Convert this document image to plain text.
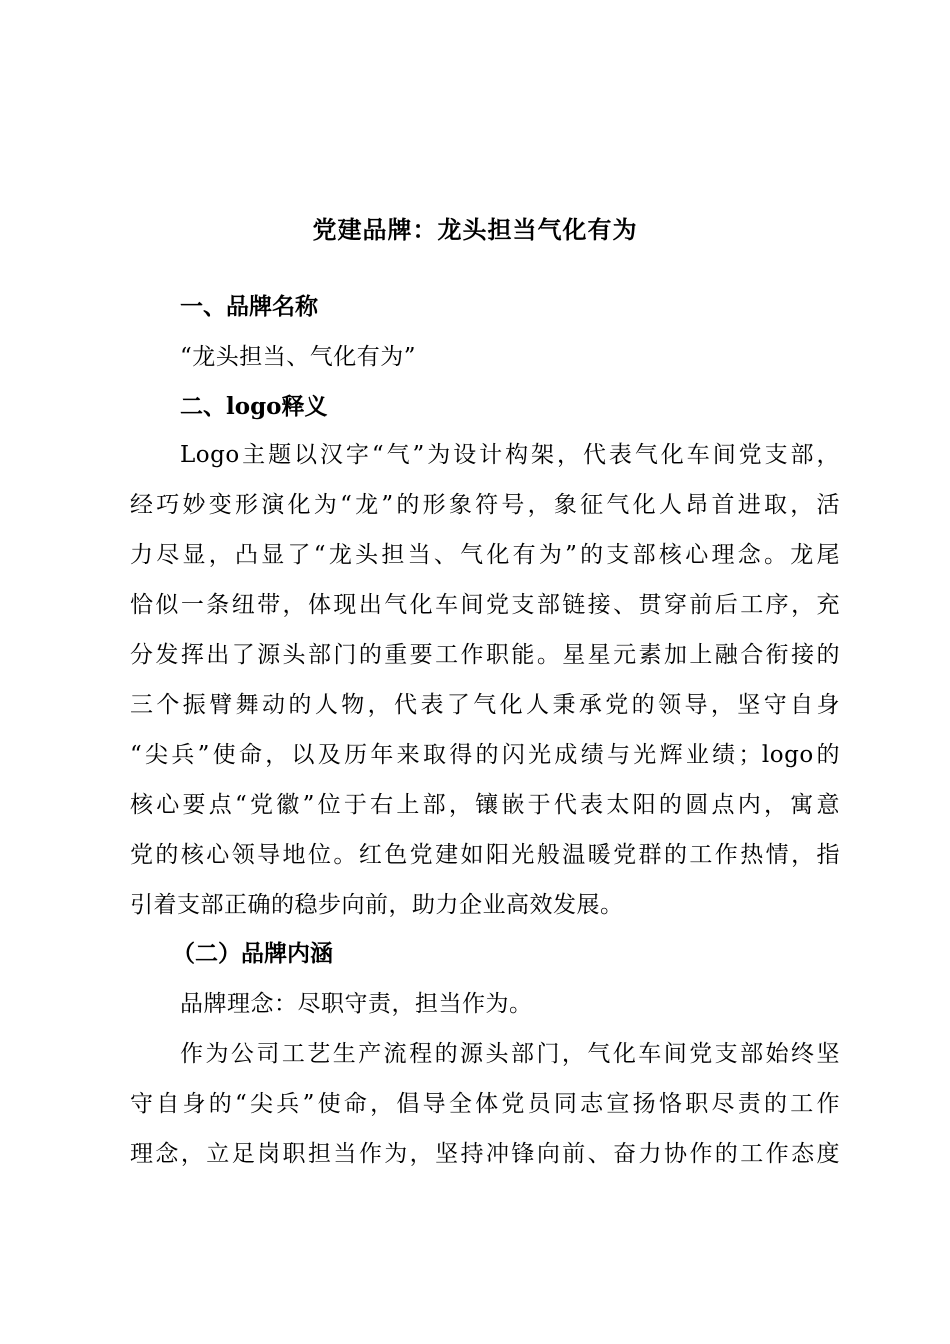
党建品牌：龙头担当气化有为
一、品牌名称
“龙头担当、气化有为”
二、logo释义
Logo主题以汉字“气”为设计构架，代表气化车间党支部，
经巧妙变形演化为“龙”的形象符号，象征气化人昂首进取，活
力尽显，凸显了“龙头担当、气化有为”的支部核心理念。龙尾
恰似一条纽带，体现出气化车间党支部链接、贯穿前后工序，充
分发挥出了源头部门的重要工作职能。星星元素加上融合衔接的
三个振臂舞动的人物，代表了气化人秉承党的领导，坚守自身
“尖兵”使命，以及历年来取得的闪光成绩与光辉业绩；logo的
核心要点“党徽”位于右上部，镶嵌于代表太阳的圆点内，寓意
党的核心领导地位。红色党建如阳光般温暖党群的工作热情，指
引着支部正确的稳步向前，助力企业高效发展。
（二）品牌内涵
品牌理念：尽职守责，担当作为。
作为公司工艺生产流程的源头部门，气化车间党支部始终坚
守自身的“尖兵”使命，倡导全体党员同志宣扬恪职尽责的工作
理念，立足岗职担当作为，坚持冲锋向前、奋力协作的工作态度
